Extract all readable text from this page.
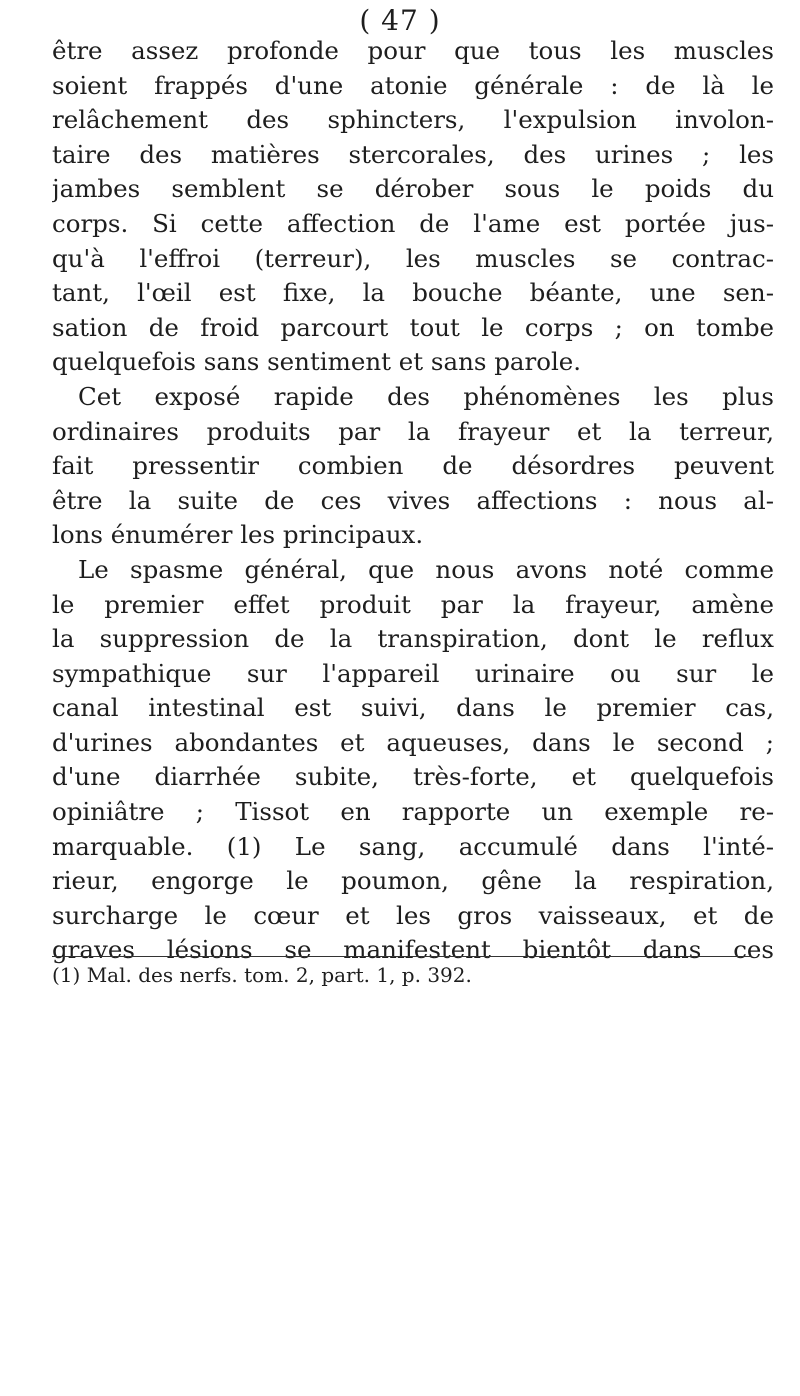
( 47 )
être assez profonde pour que tous les muscles
soient frappés d'une atonie générale : de là le
relâchement des sphincters, l'expulsion involon-
taire des matières stercorales, des urines ; les
jambes semblent se dérober sous le poids du
corps. Si cette affection de l'ame est portée jus-
qu'à l'effroi (terreur), les muscles se contrac-
tant, l'œil est fixe, la bouche béante, une sen-
sation de froid parcourt tout le corps ; on tombe
quelquefois sans sentiment et sans parole.
Cet exposé rapide des phénomènes les plus
ordinaires produits par la frayeur et la terreur,
fait pressentir combien de désordres peuvent
être la suite de ces vives affections : nous al-
lons énumérer les principaux.
Le spasme général, que nous avons noté comme
le premier effet produit par la frayeur, amène
la suppression de la transpiration, dont le reflux
sympathique sur l'appareil urinaire ou sur le
canal intestinal est suivi, dans le premier cas,
d'urines abondantes et aqueuses, dans le second ;
d'une diarrhée subite, très-forte, et quelquefois
opiniâtre ; Tissot en rapporte un exemple re-
marquable. (1) Le sang, accumulé dans l'inté-
rieur, engorge le poumon, gêne la respiration,
surcharge le cœur et les gros vaisseaux, et de
graves lésions se manifestent bientôt dans ces
(1) Mal. des nerfs. tom. 2, part. 1, p. 392.
